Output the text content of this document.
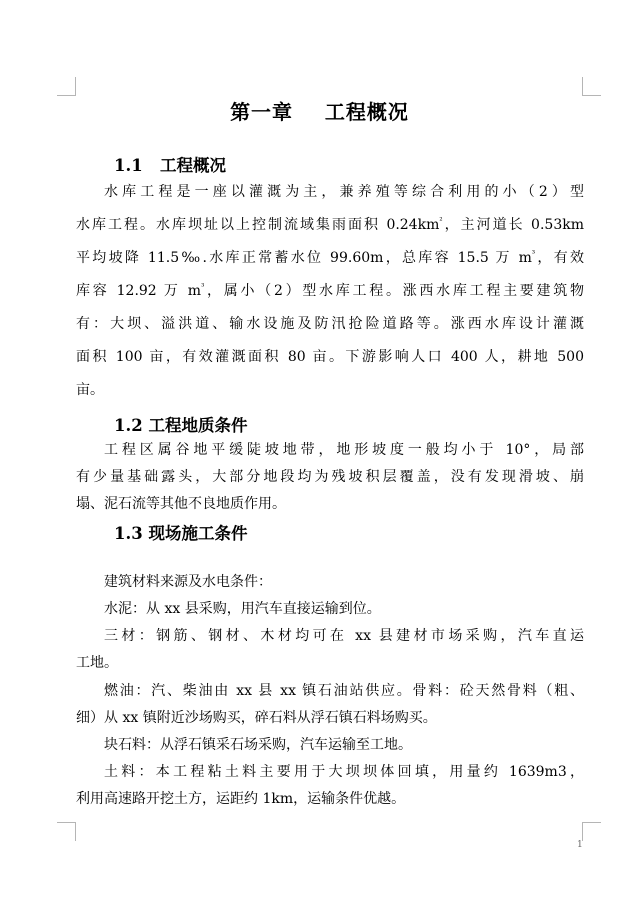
第一章    工程概况
1.1   工程概况
水库工程是一座以灌溉为主，兼养殖等综合利用的小（2）型
水库工程。水库坝址以上控制流域集雨面积 $0.24km^{^2}$，主河道长 0.53km
平均坡降 11.5‰.水库正常蓄水位 99.60m，总库容 15.5 万 $m^{^3}$，有效
库容 12.92 万 $m^{^3}$，属小（2）型水库工程。涨西水库工程主要建筑物
有：大坝、溢洪道、输水设施及防汛抢险道路等。涨西水库设计灌溉
面积 100 亩，有效灌溉面积 80 亩。下游影响人口 400 人，耕地 500
亩。
1.2 工程地质条件
工程区属谷地平缓陡坡地带，地形坡度一般均小于 10°，局部
有少量基础露头，大部分地段均为残坡积层覆盖，没有发现滑坡、崩
塌、泥石流等其他不良地质作用。
1.3 现场施工条件
建筑材料来源及水电条件：
水泥：从 xx 县采购，用汽车直接运输到位。
三材：钢筋、钢材、木材均可在 xx 县建材市场采购，汽车直运
工地。
燃油：汽、柴油由 xx 县 xx 镇石油站供应。骨料：砼天然骨料（粗、
细）从 xx 镇附近沙场购买，碎石料从浮石镇石料场购买。
块石料：从浮石镇采石场采购，汽车运输至工地。
土料：本工程粘土料主要用于大坝坝体回填，用量约 1639m3，
利用高速路开挖土方，运距约 1km，运输条件优越。
1
